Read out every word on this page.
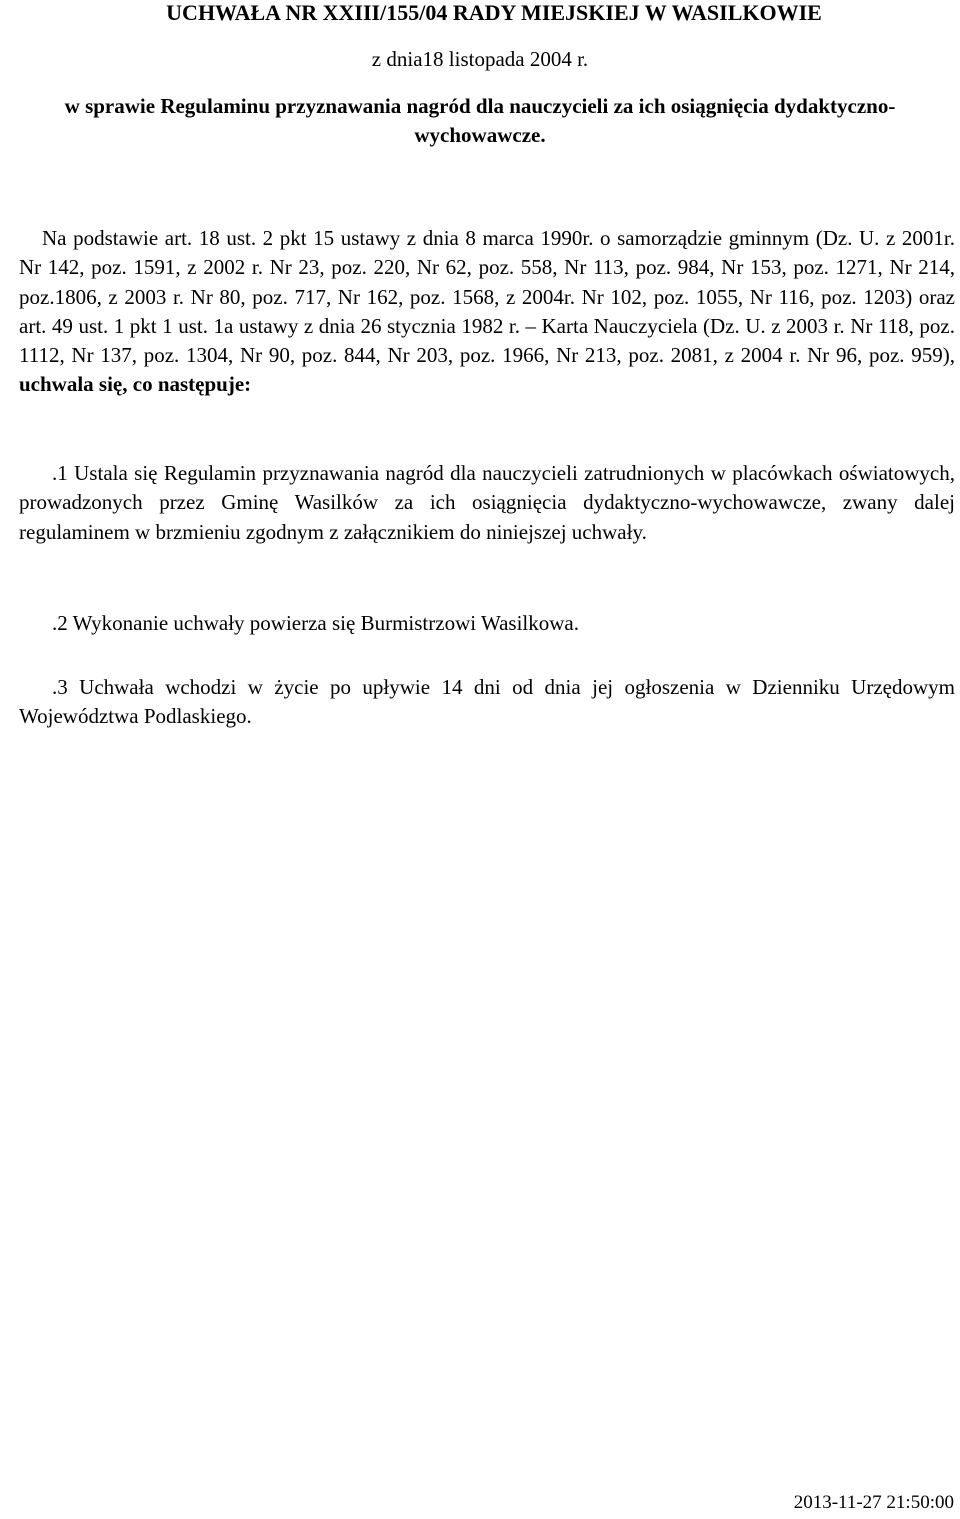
UCHWAŁA NR XXIII/155/04 RADY MIEJSKIEJ W WASILKOWIE
z dnia18 listopada 2004 r.
w sprawie Regulaminu przyznawania nagród dla nauczycieli za ich osiągnięcia dydaktyczno-wychowawcze.
Na podstawie art. 18 ust. 2 pkt 15 ustawy z dnia 8 marca 1990r. o samorządzie gminnym (Dz. U. z 2001r. Nr 142, poz. 1591, z 2002 r. Nr 23, poz. 220, Nr 62, poz. 558, Nr 113, poz. 984, Nr 153, poz. 1271, Nr 214, poz.1806, z 2003 r. Nr 80, poz. 717, Nr 162, poz. 1568, z 2004r. Nr 102, poz. 1055, Nr 116, poz. 1203) oraz art. 49 ust. 1 pkt 1 ust. 1a ustawy z dnia 26 stycznia 1982 r. – Karta Nauczyciela (Dz. U. z 2003 r. Nr 118, poz. 1112, Nr 137, poz. 1304, Nr 90, poz. 844, Nr 203, poz. 1966, Nr 213, poz. 2081, z 2004 r. Nr 96, poz. 959), uchwala się, co następuje:
.1 Ustala się Regulamin przyznawania nagród dla nauczycieli zatrudnionych w placówkach oświatowych, prowadzonych przez Gminę Wasilków za ich osiągnięcia dydaktyczno-wychowawcze, zwany dalej regulaminem w brzmieniu zgodnym z załącznikiem do niniejszej uchwały.
.2 Wykonanie uchwały powierza się Burmistrzowi Wasilkowa.
.3 Uchwała wchodzi w życie po upływie 14 dni od dnia jej ogłoszenia w Dzienniku Urzędowym Województwa Podlaskiego.
2013-11-27 21:50:00
